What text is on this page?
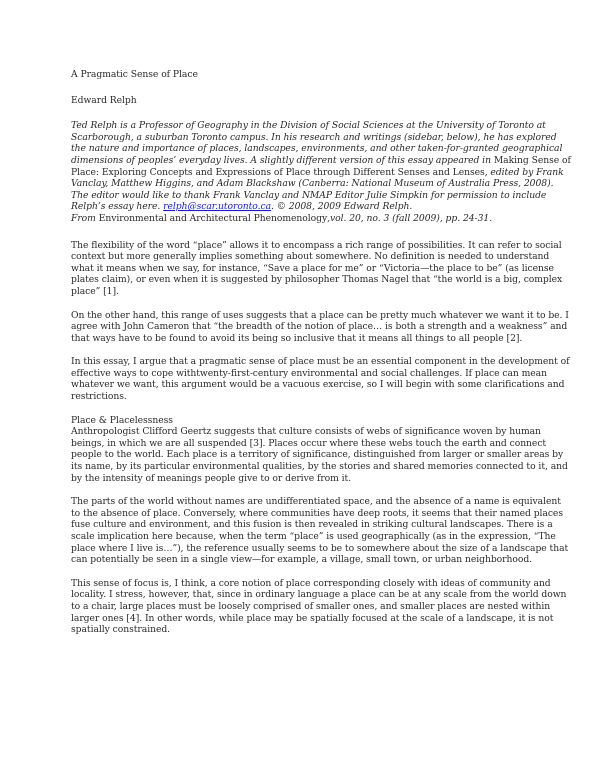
A Pragmatic Sense of Place
Edward Relph
Ted Relph is a Professor of Geography in the Division of Social Sciences at the University of Toronto at Scarborough, a suburban Toronto campus. In his research and writings (sidebar, below), he has explored the nature and importance of places, landscapes, environments, and other taken-for-granted geographical dimensions of peoples’ everyday lives. A slightly different version of this essay appeared in Making Sense of Place: Exploring Concepts and Expressions of Place through Different Senses and Lenses, edited by Frank Vanclay, Matthew Higgins, and Adam Blackshaw (Canberra: National Museum of Australia Press, 2008). The editor would like to thank Frank Vanclay and NMAP Editor Julie Simpkin for permission to include Relph’s essay here. relph@scar.utoronto.ca. © 2008, 2009 Edward Relph.
From Environmental and Architectural Phenomenology,vol. 20, no. 3 (fall 2009), pp. 24-31.

The flexibility of the word “place” allows it to encompass a rich range of possibilities. It can refer to social context but more generally implies something about somewhere. No definition is needed to understand what it means when we say, for instance, “Save a place for me” or “Victoria—the place to be” (as license plates claim), or even when it is suggested by philosopher Thomas Nagel that “the world is a big, complex place” [1].

On the other hand, this range of uses suggests that a place can be pretty much whatever we want it to be. I agree with John Cameron that “the breadth of the notion of place… is both a strength and a weakness” and that ways have to be found to avoid its being so inclusive that it means all things to all people [2].

In this essay, I argue that a pragmatic sense of place must be an essential component in the development of effective ways to cope withtwenty-first-century environmental and social challenges. If place can mean whatever we want, this argument would be a vacuous exercise, so I will begin with some clarifications and restrictions.

Place & Placelessness
Anthropologist Clifford Geertz suggests that culture consists of webs of significance woven by human beings, in which we are all suspended [3]. Places occur where these webs touch the earth and connect people to the world. Each place is a territory of significance, distinguished from larger or smaller areas by its name, by its particular environmental qualities, by the stories and shared memories connected to it, and by the intensity of meanings people give to or derive from it.

The parts of the world without names are undifferentiated space, and the absence of a name is equivalent to the absence of place. Conversely, where communities have deep roots, it seems that their named places fuse culture and environment, and this fusion is then revealed in striking cultural landscapes. There is a scale implication here because, when the term “place” is used geographically (as in the expression, “The place where I live is…”), the reference usually seems to be to somewhere about the size of a landscape that can potentially be seen in a single view—for example, a village, small town, or urban neighborhood.

This sense of focus is, I think, a core notion of place corresponding closely with ideas of community and locality. I stress, however, that, since in ordinary language a place can be at any scale from the world down to a chair, large places must be loosely comprised of smaller ones, and smaller places are nested within larger ones [4]. In other words, while place may be spatially focused at the scale of a landscape, it is not spatially constrained.
